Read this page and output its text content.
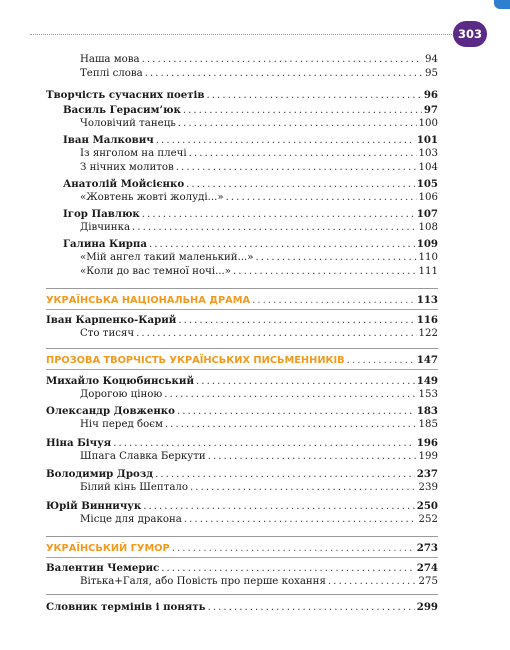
303
Наша мова . . .	94
Теплі слова . . .	95
Творчість сучасних поетів . . .	96
Василь Герасим’юк . . .	97
Чоловічий танець . . .	100
Іван Малкович . . .	101
Із янголом на плечі . . .	103
З нічних молитов . . .	104
Анатолій Мойсієнко . . .	105
«Жовтень жовті жолуді...» . . .	106
Ігор Павлюк . . .	107
Дівчинка . . .	108
Галина Кирпа . . .	109
«Мій ангел такий маленький...» . . .	110
«Коли до вас темної ночі...» . . .	111
УКРАЇНСЬКА НАЦІОНАЛЬНА ДРАМА . . .	113
Іван Карпенко-Карий . . .	116
Сто тисяч . . .	122
ПРОЗОВА ТВОРЧІСТЬ УКРАЇНСЬКИХ ПИСЬМЕННИКІВ . . .	147
Михайло Коцюбинський . . .	149
Дорогою ціною . . .	153
Олександр Довженко . . .	183
Ніч перед боєм . . .	185
Ніна Бічуя . . .	196
Шпага Славка Беркути . . .	199
Володимир Дрозд . . .	237
Білий кінь Шептало . . .	239
Юрій Винничук . . .	250
Місце для дракона . . .	252
УКРАЇНСЬКИЙ ГУМОР . . .	273
Валентин Чемерис . . .	274
Вітька+Галя, або Повість про перше кохання . . .	275
Словник термінів і понять . . .	299
